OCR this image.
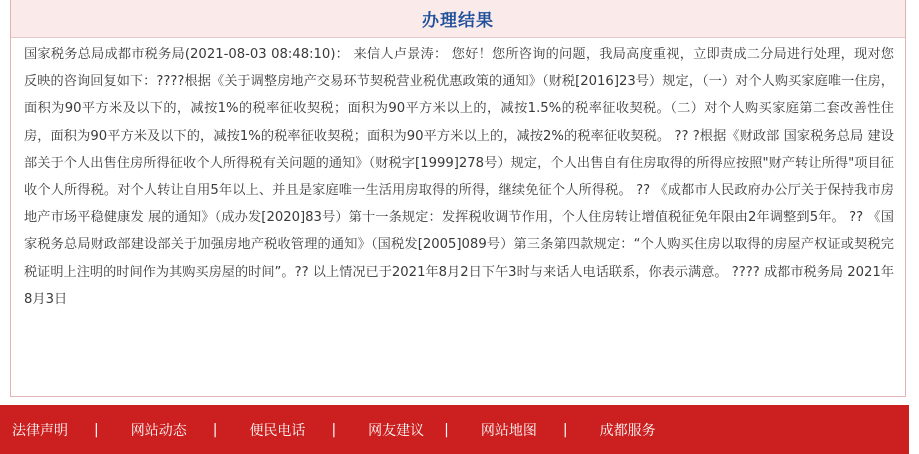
办理结果
国家税务总局成都市税务局(2021-08-03 08:48:10)： 来信人卢景涛： 您好！您所咨询的问题，我局高度重视，立即责成二分局进行处理，现对您反映的咨询回复如下：????根据《关于调整房地产交易环节契税营业税优惠政策的通知》（财税[2016]23号）规定，（一）对个人购买家庭唯一住房，面积为90平方米及以下的，减按1%的税率征收契税；面积为90平方米以上的，减按1.5%的税率征收契税。（二）对个人购买家庭第二套改善性住房，面积为90平方米及以下的，减按1%的税率征收契税；面积为90平方米以上的，减按2%的税率征收契税。 ?? ?根据《财政部 国家税务总局 建设部关于个人出售住房所得征收个人所得税有关问题的通知》（财税字[1999]278号）规定，个人出售自有住房取得的所得应按照"财产转让所得"项目征收个人所得税。对个人转让自用5年以上、并且是家庭唯一生活用房取得的所得，继续免征个人所得税。 ?? 《成都市人民政府办公厅关于保持我市房地产市场平稳健康发 展的通知》（成办发[2020]83号）第十一条规定：发挥税收调节作用，个人住房转让增值税征免年限由2年调整到5年。 ?? 《国家税务总局财政部建设部关于加强房地产税收管理的通知》（国税发[2005]089号）第三条第四款规定：“个人购买住房以取得的房屋产权证或契税完税证明上注明的时间作为其购买房屋的时间”。?? 以上情况已于2021年8月2日下午3时与来话人电话联系，你表示满意。 ???? 成都市税务局 2021年8月3日
法律声明 | 网站动态 | 便民电话 | 网友建议 | 网站地图 | 成都服务
